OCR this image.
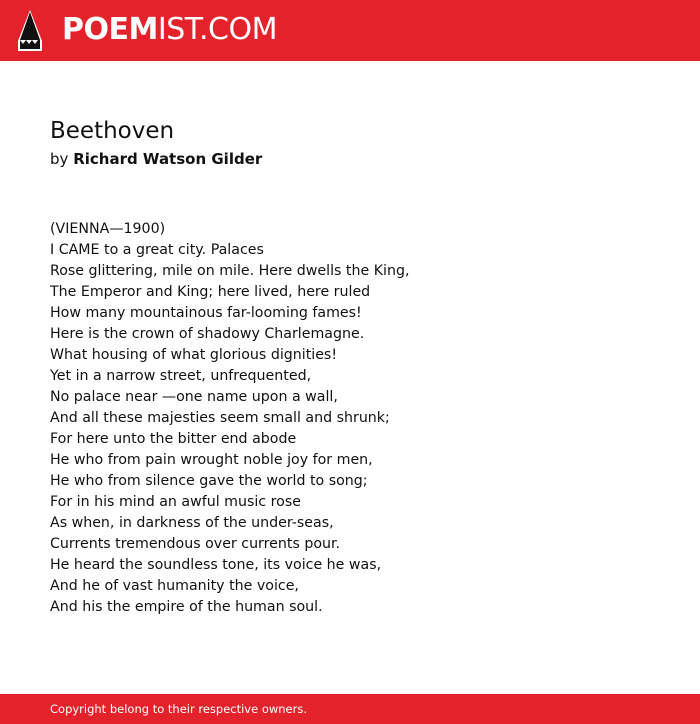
POEMIST.COM
Beethoven
by Richard Watson Gilder
(VIENNA—1900)
I CAME to a great city. Palaces
Rose glittering, mile on mile. Here dwells the King,
The Emperor and King; here lived, here ruled
How many mountainous far-looming fames!
Here is the crown of shadowy Charlemagne.
What housing of what glorious dignities!
Yet in a narrow street, unfrequented,
No palace near —one name upon a wall,
And all these majesties seem small and shrunk;
For here unto the bitter end abode
He who from pain wrought noble joy for men,
He who from silence gave the world to song;
For in his mind an awful music rose
As when, in darkness of the under-seas,
Currents tremendous over currents pour.
He heard the soundless tone, its voice he was,
And he of vast humanity the voice,
And his the empire of the human soul.
Copyright belong to their respective owners.
